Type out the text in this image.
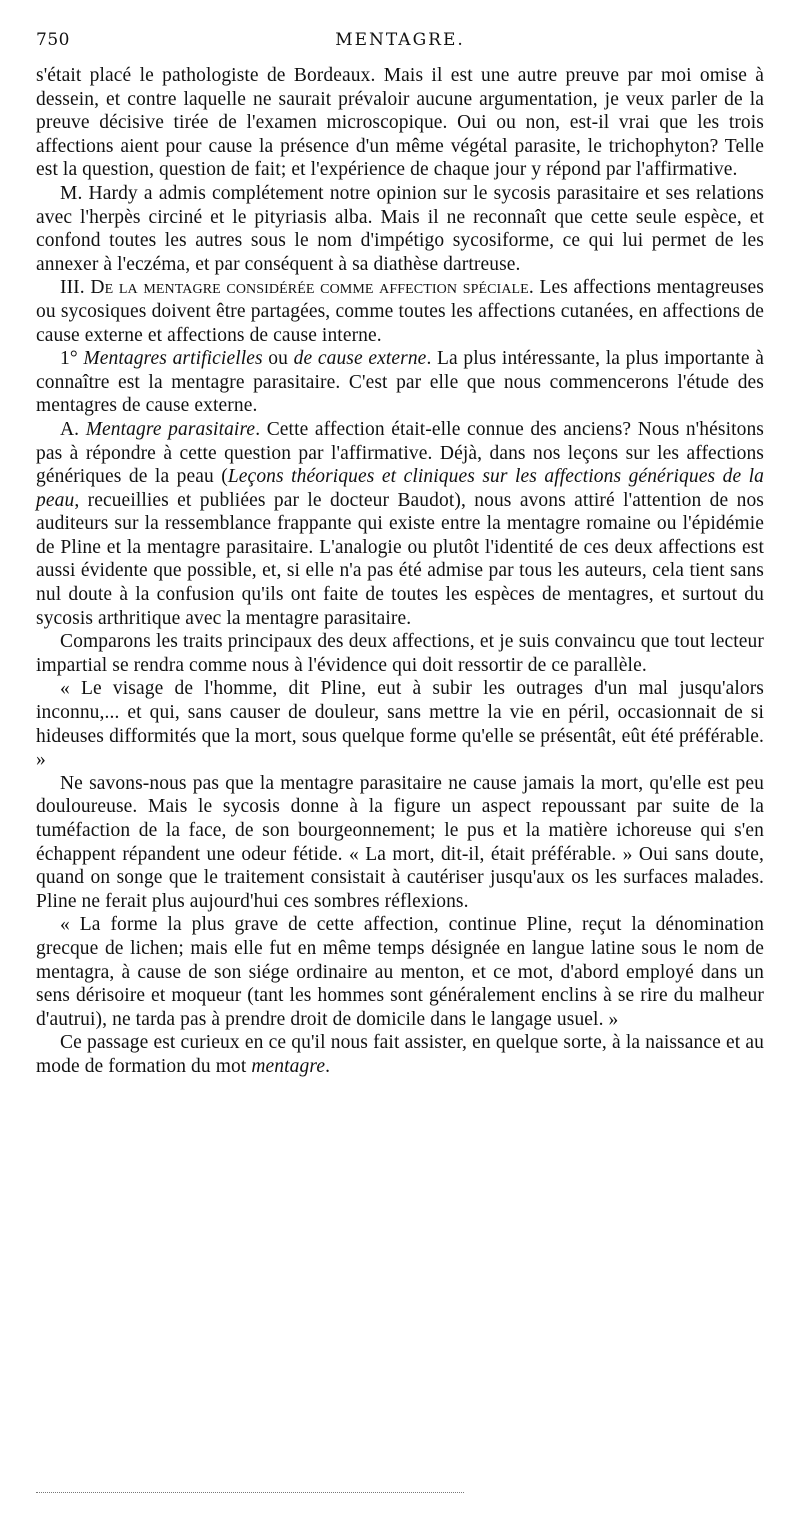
750	MENTAGRE.

s'était placé le pathologiste de Bordeaux. Mais il est une autre preuve par moi omise à dessein, et contre laquelle ne saurait prévaloir aucune argumentation, je veux parler de la preuve décisive tirée de l'examen microscopique. Oui ou non, est-il vrai que les trois affections aient pour cause la présence d'un même végétal parasite, le trichophyton? Telle est la question, question de fait; et l'expérience de chaque jour y répond par l'affirmative.

M. Hardy a admis complétement notre opinion sur le sycosis parasitaire et ses relations avec l'herpès circiné et le pityriasis alba. Mais il ne reconnaît que cette seule espèce, et confond toutes les autres sous le nom d'impétigo sycosiforme, ce qui lui permet de les annexer à l'eczéma, et par conséquent à sa diathèse dartreuse.

III. De la mentagre considérée comme affection spéciale. Les affections mentagreuses ou sycosiques doivent être partagées, comme toutes les affections cutanées, en affections de cause externe et affections de cause interne.

1° Mentagres artificielles ou de cause externe. La plus intéressante, la plus importante à connaître est la mentagre parasitaire. C'est par elle que nous commencerons l'étude des mentagres de cause externe.

A. Mentagre parasitaire. Cette affection était-elle connue des anciens? Nous n'hésitons pas à répondre à cette question par l'affirmative. Déjà, dans nos leçons sur les affections génériques de la peau (Leçons théoriques et cliniques sur les affections génériques de la peau, recueillies et publiées par le docteur Baudot), nous avons attiré l'attention de nos auditeurs sur la ressemblance frappante qui existe entre la mentagre romaine ou l'épidémie de Pline et la mentagre parasitaire. L'analogie ou plutôt l'identité de ces deux affections est aussi évidente que possible, et, si elle n'a pas été admise par tous les auteurs, cela tient sans nul doute à la confusion qu'ils ont faite de toutes les espèces de mentagres, et surtout du sycosis arthritique avec la mentagre parasitaire.

Comparons les traits principaux des deux affections, et je suis convaincu que tout lecteur impartial se rendra comme nous à l'évidence qui doit ressortir de ce parallèle.

« Le visage de l'homme, dit Pline, eut à subir les outrages d'un mal jusqu'alors inconnu,... et qui, sans causer de douleur, sans mettre la vie en péril, occasionnait de si hideuses difformités que la mort, sous quelque forme qu'elle se présentât, eût été préférable. »

Ne savons-nous pas que la mentagre parasitaire ne cause jamais la mort, qu'elle est peu douloureuse. Mais le sycosis donne à la figure un aspect repoussant par suite de la tuméfaction de la face, de son bourgeonnement; le pus et la matière ichoreuse qui s'en échappent répandent une odeur fétide. « La mort, dit-il, était préférable. » Oui sans doute, quand on songe que le traitement consistait à cautériser jusqu'aux os les surfaces malades. Pline ne ferait plus aujourd'hui ces sombres réflexions.

« La forme la plus grave de cette affection, continue Pline, reçut la dénomination grecque de lichen; mais elle fut en même temps désignée en langue latine sous le nom de mentagra, à cause de son siége ordinaire au menton, et ce mot, d'abord employé dans un sens dérisoire et moqueur (tant les hommes sont généralement enclins à se rire du malheur d'autrui), ne tarda pas à prendre droit de domicile dans le langage usuel. »

Ce passage est curieux en ce qu'il nous fait assister, en quelque sorte, à la naissance et au mode de formation du mot mentagre.
